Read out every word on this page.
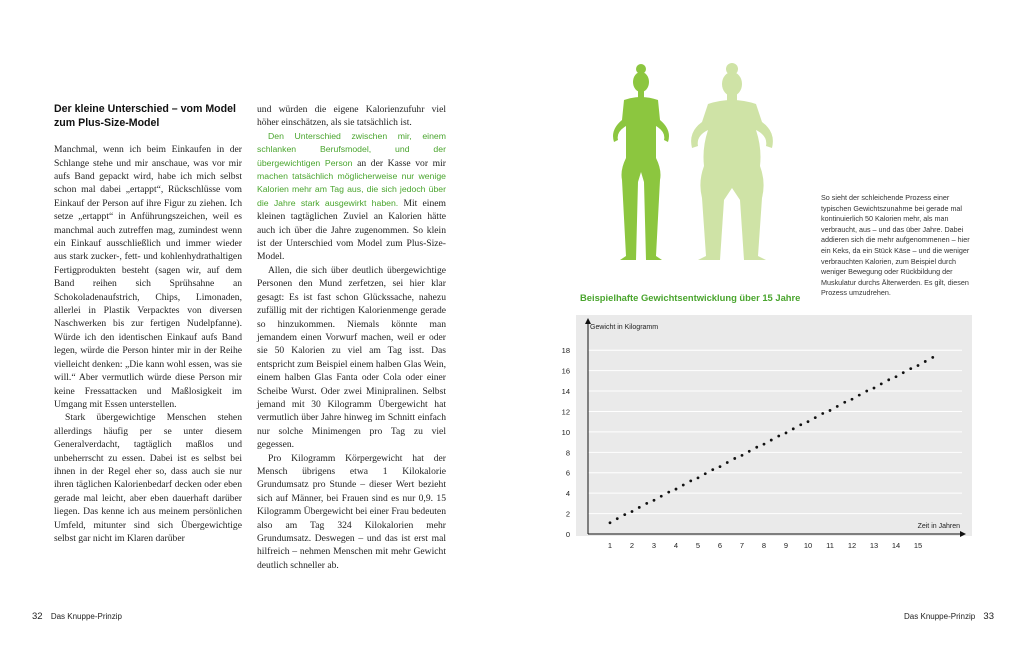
Der kleine Unterschied – vom Model zum Plus-Size-Model

Manchmal, wenn ich beim Einkaufen in der Schlange stehe und mir anschaue, was vor mir aufs Band gepackt wird, habe ich mich selbst schon mal dabei „ertappt“, Rückschlüsse vom Einkauf der Person auf ihre Figur zu ziehen. Ich setze „ertappt“ in Anführungszeichen, weil es manchmal auch zutreffen mag, zumindest wenn ein Einkauf ausschließlich und immer wieder aus stark zucker-, fett- und kohlenhydrathaltigen Fertigprodukten besteht (sagen wir, auf dem Band reihen sich Sprühsahne an Schokoladenaufstrich, Chips, Limonaden, allerlei in Plastik Verpacktes von diversen Naschwerken bis zur fertigen Nudelpfanne). Würde ich den identischen Einkauf aufs Band legen, würde die Person hinter mir in der Reihe vielleicht denken: „Die kann wohl essen, was sie will.“ Aber vermutlich würde diese Person mir keine Fressattacken und Maßlosigkeit im Umgang mit Essen unterstellen.

Stark übergewichtige Menschen stehen allerdings häufig per se unter diesem Generalverdacht, tagtäglich maßlos und unbeherrscht zu essen. Dabei ist es selbst bei ihnen in der Regel eher so, dass auch sie nur ihren täglichen Kalorienbedarf decken oder eben gerade mal leicht, aber eben dauerhaft darüber liegen. Das kenne ich aus meinem persönlichen Umfeld, mitunter sind sich Übergewichtige selbst gar nicht im Klaren darüber

und würden die eigene Kalorienzufuhr viel höher einschätzen, als sie tatsächlich ist.

Den Unterschied zwischen mir, einem schlanken Berufsmodel, und der übergewichtigen Person an der Kasse vor mir machen tatsächlich möglicherweise nur wenige Kalorien mehr am Tag aus, die sich jedoch über die Jahre stark ausgewirkt haben. Mit einem kleinen tagtäglichen Zuviel an Kalorien hätte auch ich über die Jahre zugenommen. So klein ist der Unterschied vom Model zum Plus-Size-Model.

Allen, die sich über deutlich übergewichtige Personen den Mund zerfetzen, sei hier klar gesagt: Es ist fast schon Glückssache, nahezu zufällig mit der richtigen Kalorienmenge gerade so hinzukommen. Niemals könnte man jemandem einen Vorwurf machen, weil er oder sie 50 Kalorien zu viel am Tag isst. Das entspricht zum Beispiel einem halben Glas Wein, einem halben Glas Fanta oder Cola oder einer Scheibe Wurst. Oder zwei Minipralinen. Selbst jemand mit 30 Kilogramm Übergewicht hat vermutlich über Jahre hinweg im Schnitt einfach nur solche Minimengen pro Tag zu viel gegessen.

Pro Kilogramm Körpergewicht hat der Mensch übrigens etwa 1 Kilokalorie Grundumsatz pro Stunde – dieser Wert bezieht sich auf Männer, bei Frauen sind es nur 0,9. 15 Kilogramm Übergewicht bei einer Frau bedeuten also am Tag 324 Kilokalorien mehr Grundumsatz. Deswegen – und das ist erst mal hilfreich – nehmen Menschen mit mehr Gewicht deutlich schneller ab.

32 Das Knuppe-Prinzip
So sieht der schleichende Prozess einer typischen Gewichtszunahme bei gerade mal kontinuierlich 50 Kalorien mehr, als man verbraucht, aus – und das über Jahre. Dabei addieren sich die mehr aufgenommenen – hier ein Keks, da ein Stück Käse – und die weniger verbrauchten Kalorien, zum Beispiel durch weniger Bewegung oder Rückbildung der Muskulatur durchs Älterwerden. Es gilt, diesen Prozess umzudrehen.
Beispielhafte Gewichtsentwicklung über 15 Jahre
0
2
4
6
8
10
12
14
16
18
1 2 3 4 5 6 7 8 9 10 11 12 13 14 15
Gewicht in Kilogramm
Zeit in Jahren
Das Knuppe-Prinzip 33
